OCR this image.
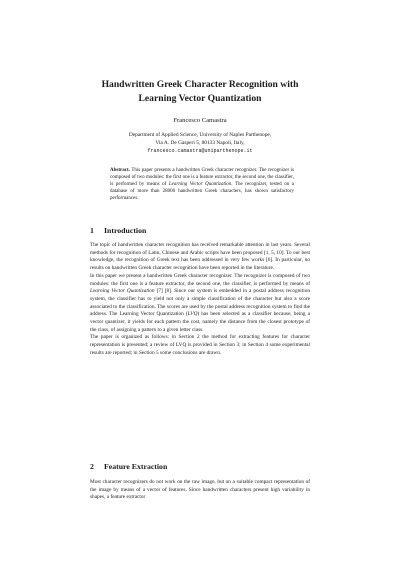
Handwritten Greek Character Recognition with
Learning Vector Quantization
Francesco Camastra
Department of Applied Science, University of Naples Parthenope,
Via A. De Gasperi 5, 80133 Napoli, Italy,
francesco.camastra@uniparthenope.it
Abstract. This paper presents a handwritten Greek character recognizer. The recognizer is composed of two modules: the first one is a feature extractor, the second one, the classifier, is performed by means of Learning Vector Quantization. The recognizer, tested on a database of more than 28000 handwritten Greek characters, has shown satisfactory performances.
1 Introduction

The topic of handwritten character recognition has received remarkable attention in last years. Several methods for recognition of Latin, Chinese and Arabic scripts have been proposed [1, 5, 10]. To our best knowledge, the recognition of Greek text has been addressed in very few works [6]. In particular, no results on handwritten Greek character recognition have been reported in the literature.

In this paper we present a handwritten Greek character recognizer. The recognizer is composed of two modules: the first one is a feature extractor, the second one, the classifier, is performed by means of Learning Vector Quantization [7] [8]. Since our system is embedded in a postal address recognition system, the classifier has to yield not only a simple classification of the character but also a score associated to the classification. The scores are used by the postal address recognition system to find the address. The Learning Vector Quantization (LVQ) has been selected as a classifier because, being a vector quantizer, it yields for each pattern the cost, namely the distance from the closest prototype of the class, of assigning a pattern to a given letter class.

The paper is organized as follows: in Section 2 the method for extracting features for character representation is presented; a review of LVQ is provided in Section 3; in Section 4 some experimental results are reported; in Section 5 some conclusions are drawn.

2 Feature Extraction

Most character recognizers do not work on the raw image, but on a suitable compact representation of the image by means of a vector of features. Since handwritten characters present high variability in shapes, a feature extractor
